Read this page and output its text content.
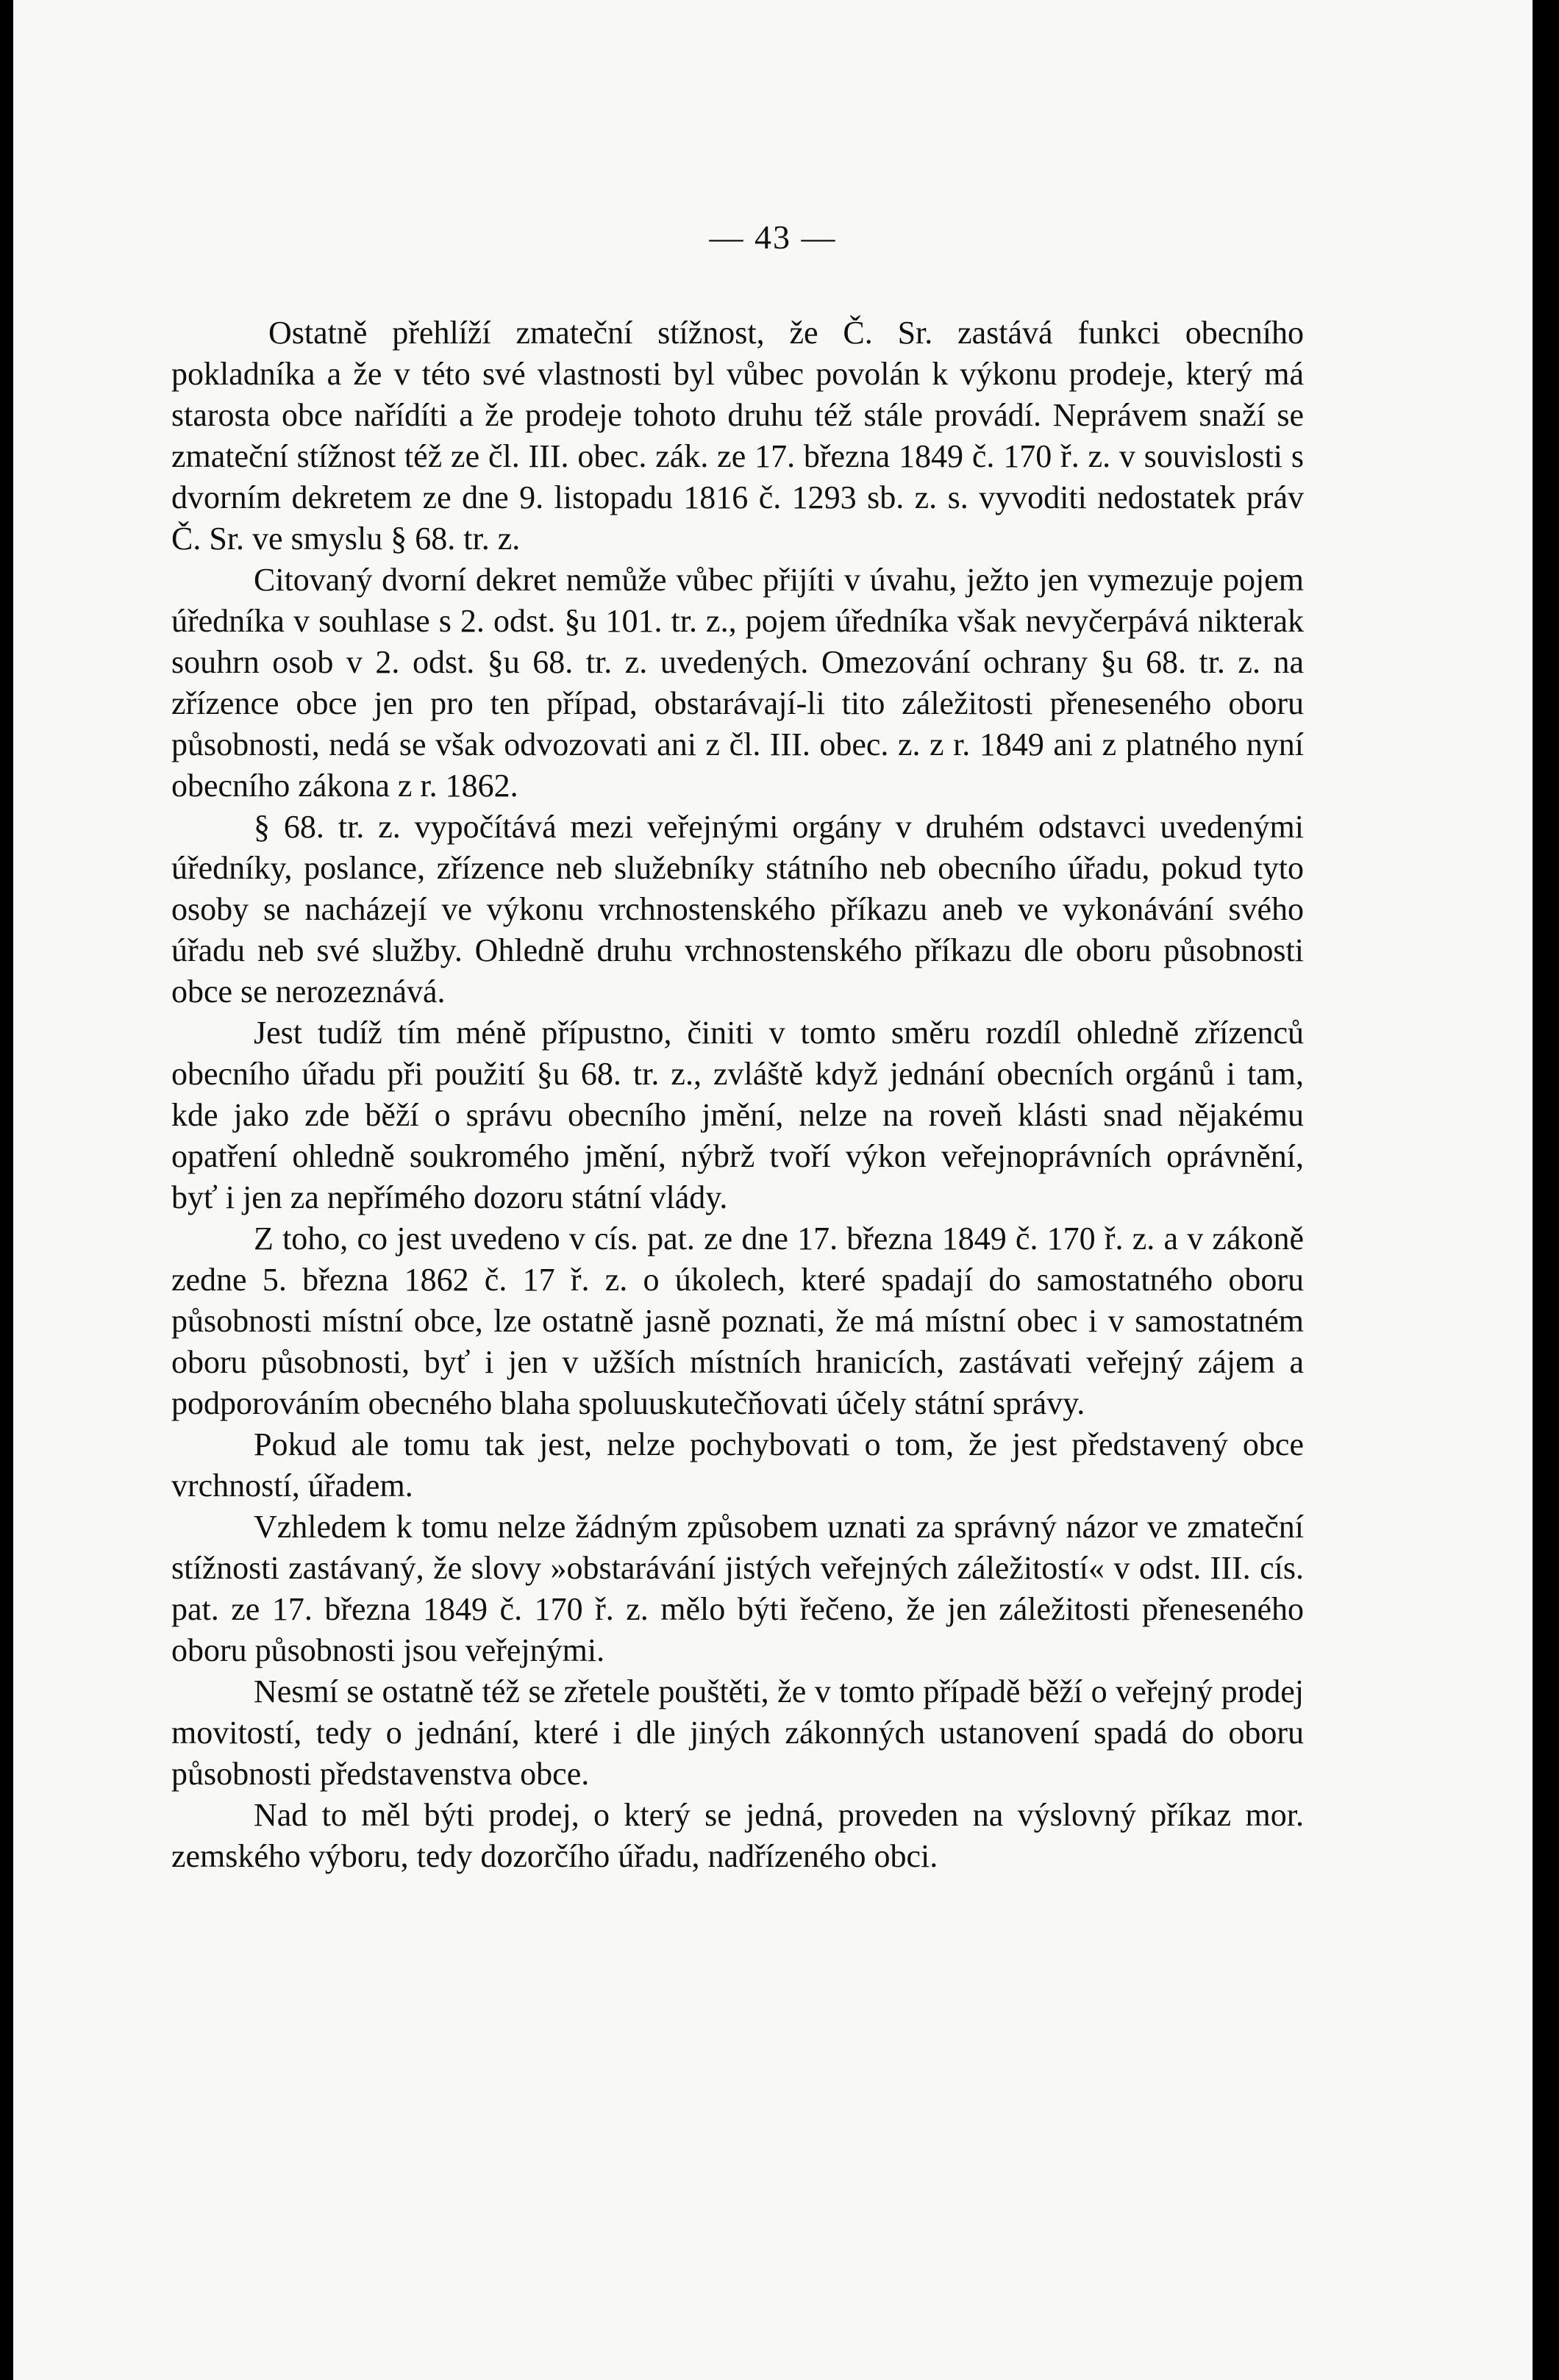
— 43 —

Ostatně přehlíží zmateční stížnost, že Č. Sr. zastává funkci obecního pokladníka a že v této své vlastnosti byl vůbec povolán k výkonu prodeje, který má starosta obce nařídíti a že prodeje tohoto druhu též stále provádí. Neprávem snaží se zmateční stížnost též ze čl. III. obec. zák. ze 17. března 1849 č. 170 ř. z. v souvislosti s dvorním dekretem ze dne 9. listopadu 1816 č. 1293 sb. z. s. vyvoditi nedostatek práv Č. Sr. ve smyslu § 68. tr. z.

Citovaný dvorní dekret nemůže vůbec přijíti v úvahu, ježto jen vymezuje pojem úředníka v souhlase s 2. odst. §u 101. tr. z., pojem úředníka však nevyčerpává nikterak souhrn osob v 2. odst. §u 68. tr. z. uvedených. Omezování ochrany §u 68. tr. z. na zřízence obce jen pro ten případ, obstarávají-li tito záležitosti přeneseného oboru působnosti, nedá se však odvozovati ani z čl. III. obec. z. z r. 1849 ani z platného nyní obecního zákona z r. 1862.

§ 68. tr. z. vypočítává mezi veřejnými orgány v druhém odstavci uvedenými úředníky, poslance, zřízence neb služebníky státního neb obecního úřadu, pokud tyto osoby se nacházejí ve výkonu vrchnostenského příkazu aneb ve vykonávání svého úřadu neb své služby. Ohledně druhu vrchnostenského příkazu dle oboru působnosti obce se nerozeznává.

Jest tudíž tím méně přípustno, činiti v tomto směru rozdíl ohledně zřízenců obecního úřadu při použití §u 68. tr. z., zvláště když jednání obecních orgánů i tam, kde jako zde běží o správu obecního jmění, nelze na roveň klásti snad nějakému opatření ohledně soukromého jmění, nýbrž tvoří výkon veřejnoprávních oprávnění, byť i jen za nepřímého dozoru státní vlády.

Z toho, co jest uvedeno v cís. pat. ze dne 17. března 1849 č. 170 ř. z. a v zákoně zedne 5. března 1862 č. 17 ř. z. o úkolech, které spadají do samostatného oboru působnosti místní obce, lze ostatně jasně poznati, že má místní obec i v samostatném oboru působnosti, byť i jen v užších místních hranicích, zastávati veřejný zájem a podporováním obecného blaha spoluuskutečňovati účely státní správy.

Pokud ale tomu tak jest, nelze pochybovati o tom, že jest představený obce vrchností, úřadem.

Vzhledem k tomu nelze žádným způsobem uznati za správný názor ve zmateční stížnosti zastávaný, že slovy »obstarávání jistých veřejných záležitostí« v odst. III. cís. pat. ze 17. března 1849 č. 170 ř. z. mělo býti řečeno, že jen záležitosti přeneseného oboru působnosti jsou veřejnými.

Nesmí se ostatně též se zřetele pouštěti, že v tomto případě běží o veřejný prodej movitostí, tedy o jednání, které i dle jiných zákonných ustanovení spadá do oboru působnosti představenstva obce.

Nad to měl býti prodej, o který se jedná, proveden na výslovný příkaz mor. zemského výboru, tedy dozorčího úřadu, nadřízeného obci.
